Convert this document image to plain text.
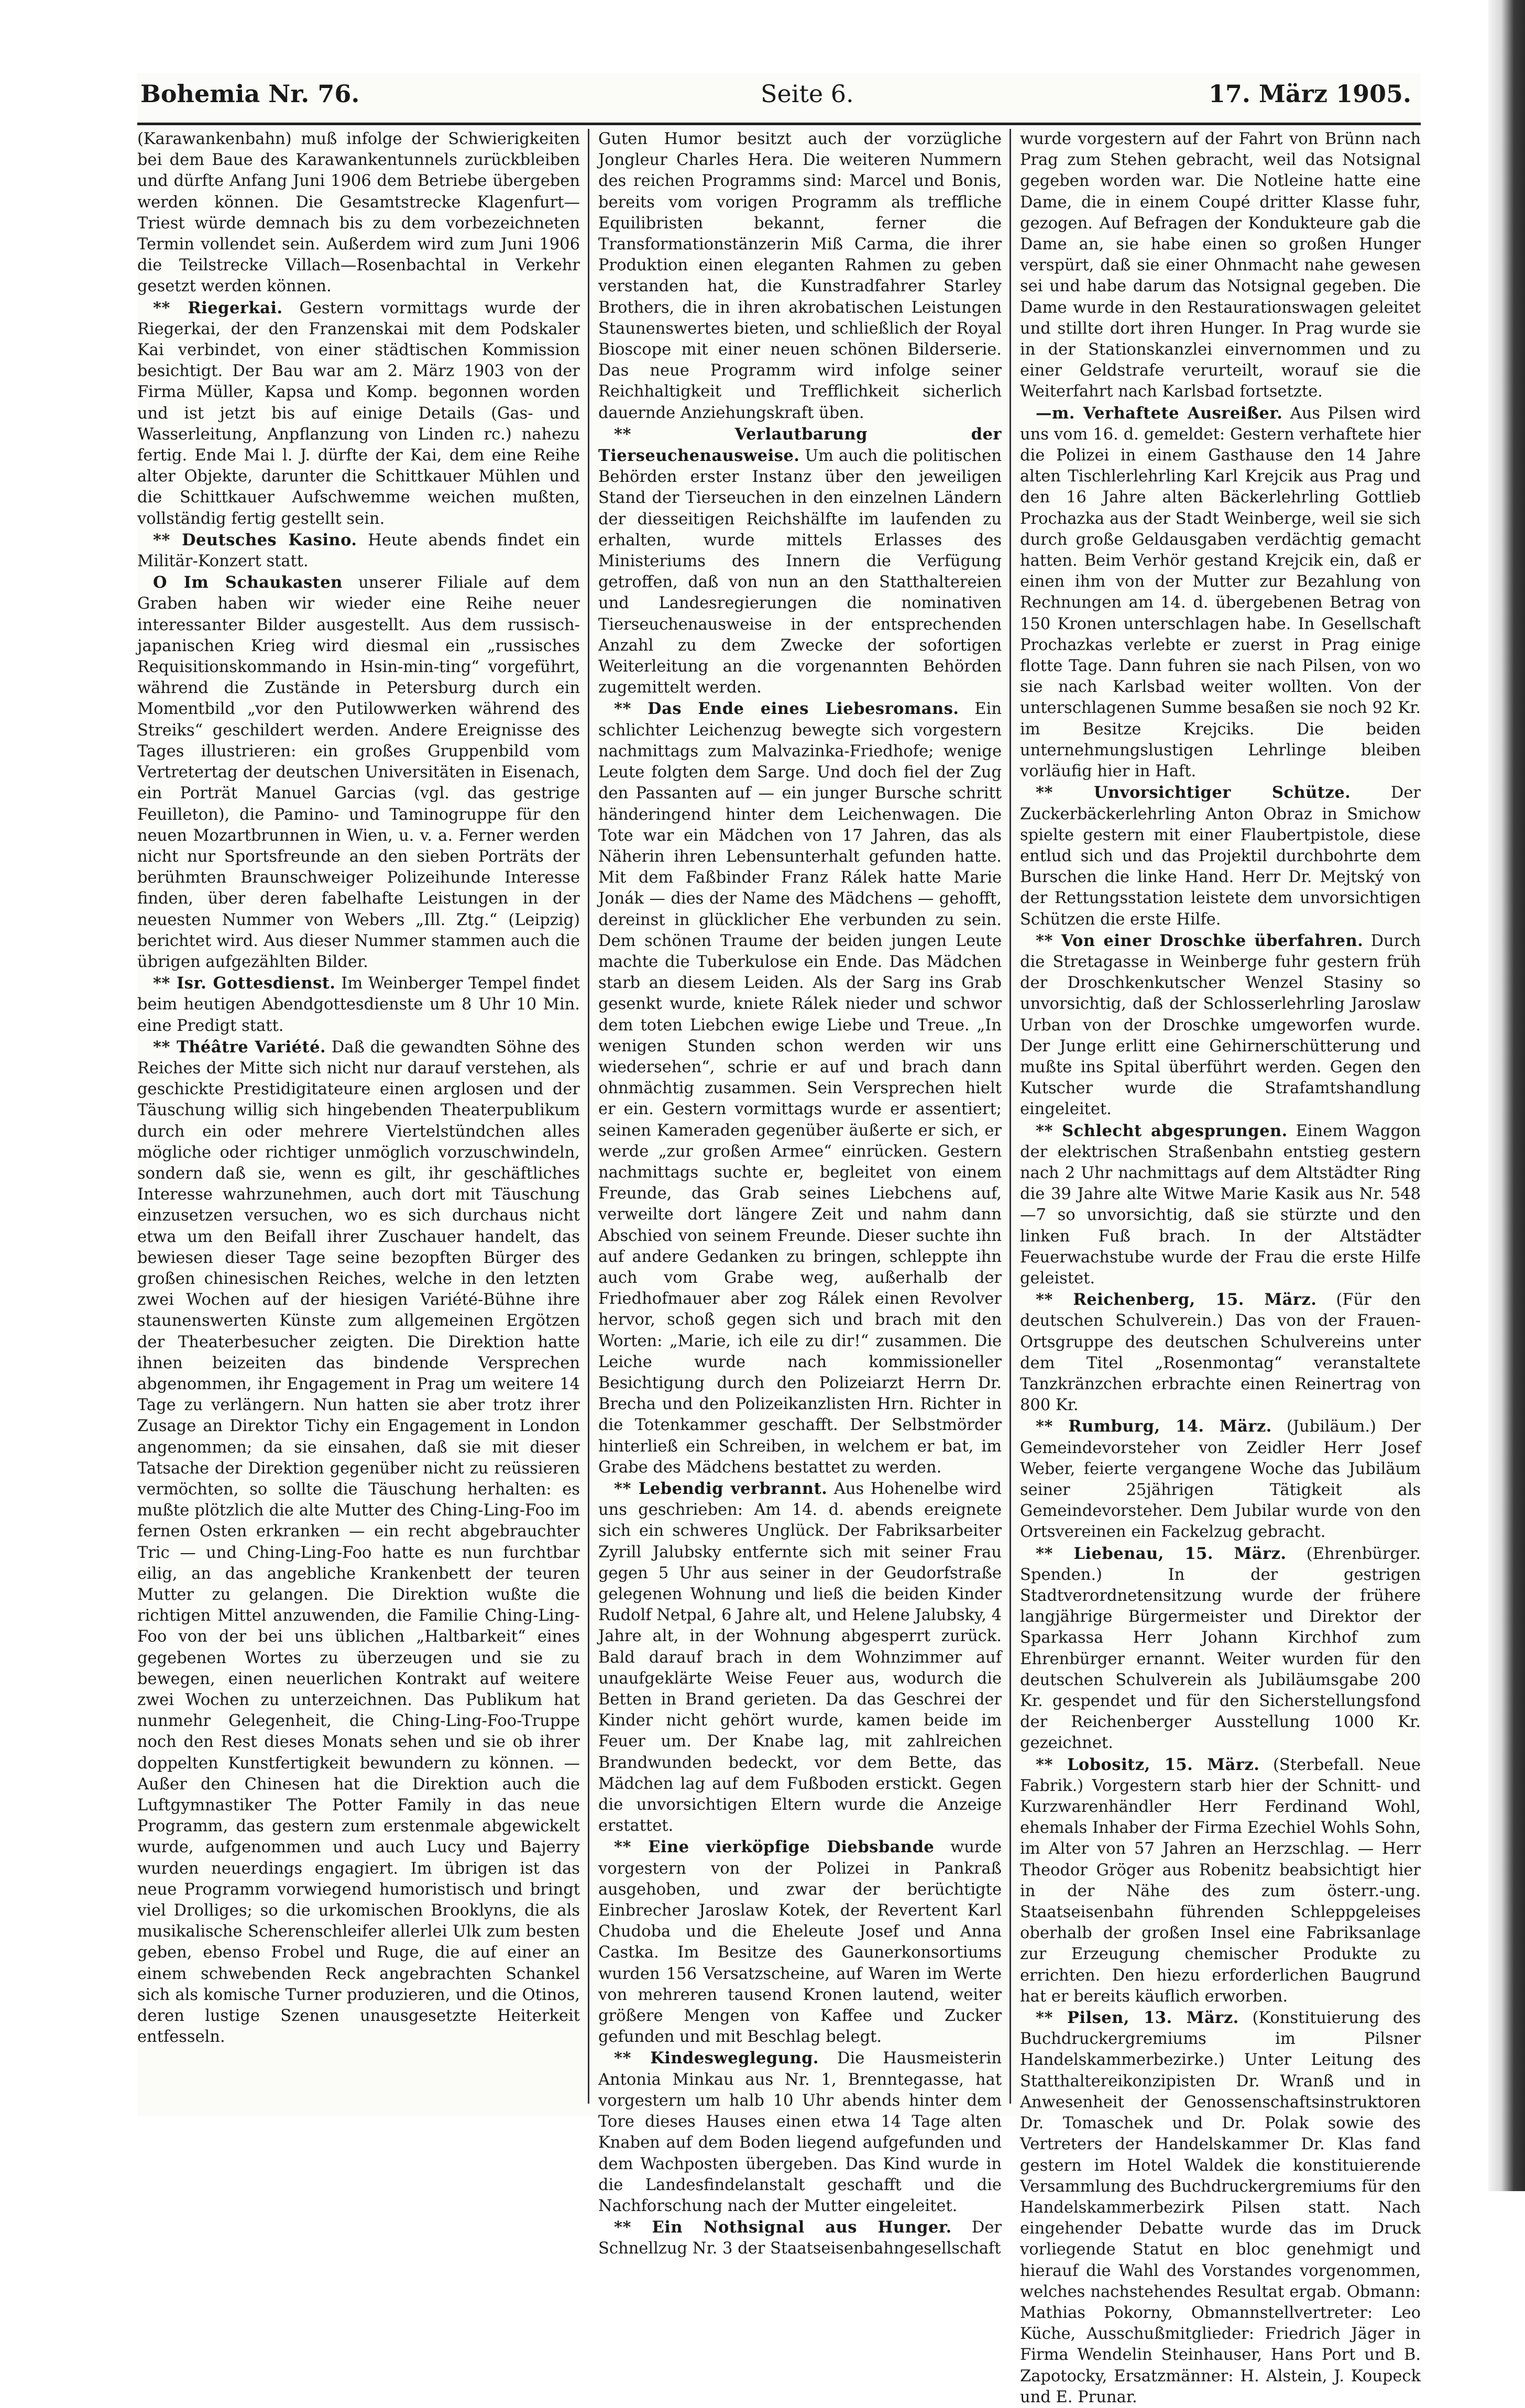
Bohemia Nr. 76.	Seite 6.	17. März 1905.

(Karawankenbahn) muß infolge der Schwierigkeiten bei dem Baue des Karawankentunnels zurückbleiben und dürfte Anfang Juni 1906 dem Betriebe übergeben werden können. Die Gesamtstrecke Klagenfurt—Triest würde demnach bis zu dem vorbezeichneten Termin vollendet sein. Außerdem wird zum Juni 1906 die Teilstrecke Villach—Rosenbachtal in Verkehr gesetzt werden können.

** Riegerkai. Gestern vormittags wurde der Riegerkai, der den Franzenskai mit dem Podskaler Kai verbindet, von einer städtischen Kommission besichtigt. Der Bau war am 2. März 1903 von der Firma Müller, Kapsa und Komp. begonnen worden und ist jetzt bis auf einige Details (Gas- und Wasserleitung, Anpflanzung von Linden rc.) nahezu fertig. Ende Mai l. J. dürfte der Kai, dem eine Reihe alter Objekte, darunter die Schittkauer Mühlen und die Schittkauer Aufschwemme weichen mußten, vollständig fertig gestellt sein.

** Deutsches Kasino. Heute abends findet ein Militär-Konzert statt.

O Im Schaukasten unserer Filiale auf dem Graben haben wir wieder eine Reihe neuer interessanter Bilder ausgestellt. Aus dem russisch-japanischen Krieg wird diesmal ein „russisches Requisitionskommando in Hsin-min-ting“ vorgeführt, während die Zustände in Petersburg durch ein Momentbild „vor den Putilowwerken während des Streiks“ geschildert werden. Andere Ereignisse des Tages illustrieren: ein großes Gruppenbild vom Vertretertag der deutschen Universitäten in Eisenach, ein Porträt Manuel Garcias (vgl. das gestrige Feuilleton), die Pamino- und Taminogruppe für den neuen Mozartbrunnen in Wien, u. v. a. Ferner werden nicht nur Sportsfreunde an den sieben Porträts der berühmten Braunschweiger Polizeihunde Interesse finden, über deren fabelhafte Leistungen in der neuesten Nummer von Webers „Ill. Ztg.“ (Leipzig) berichtet wird. Aus dieser Nummer stammen auch die übrigen aufgezählten Bilder.

** Isr. Gottesdienst. Im Weinberger Tempel findet beim heutigen Abendgottesdienste um 8 Uhr 10 Min. eine Predigt statt.

** Théâtre Variété. Daß die gewandten Söhne des Reiches der Mitte sich nicht nur darauf verstehen, als geschickte Prestidigitateure einen arglosen und der Täuschung willig sich hingebenden Theaterpublikum durch ein oder mehrere Viertelstündchen alles mögliche oder richtiger unmöglich vorzuschwindeln, sondern daß sie, wenn es gilt, ihr geschäftliches Interesse wahrzunehmen, auch dort mit Täuschung einzusetzen versuchen, wo es sich durchaus nicht etwa um den Beifall ihrer Zuschauer handelt, das bewiesen dieser Tage seine bezopften Bürger des großen chinesischen Reiches, welche in den letzten zwei Wochen auf der hiesigen Variété-Bühne ihre staunenswerten Künste zum allgemeinen Ergötzen der Theaterbesucher zeigten. Die Direktion hatte ihnen beizeiten das bindende Versprechen abgenommen, ihr Engagement in Prag um weitere 14 Tage zu verlängern. Nun hatten sie aber trotz ihrer Zusage an Direktor Tichy ein Engagement in London angenommen; da sie einsahen, daß sie mit dieser Tatsache der Direktion gegenüber nicht zu reüssieren vermöchten, so sollte die Täuschung herhalten: es mußte plötzlich die alte Mutter des Ching-Ling-Foo im fernen Osten erkranken — ein recht abgebrauchter Tric — und Ching-Ling-Foo hatte es nun furchtbar eilig, an das angebliche Krankenbett der teuren Mutter zu gelangen. Die Direktion wußte die richtigen Mittel anzuwenden, die Familie Ching-Ling-Foo von der bei uns üblichen „Haltbarkeit“ eines gegebenen Wortes zu überzeugen und sie zu bewegen, einen neuerlichen Kontrakt auf weitere zwei Wochen zu unterzeichnen. Das Publikum hat nunmehr Gelegenheit, die Ching-Ling-Foo-Truppe noch den Rest dieses Monats sehen und sie ob ihrer doppelten Kunstfertigkeit bewundern zu können. — Außer den Chinesen hat die Direktion auch die Luftgymnastiker The Potter Family in das neue Programm, das gestern zum erstenmale abgewickelt wurde, aufgenommen und auch Lucy und Bajerry wurden neuerdings engagiert. Im übrigen ist das neue Programm vorwiegend humoristisch und bringt viel Drolliges; so die urkomischen Brooklyns, die als musikalische Scherenschleifer allerlei Ulk zum besten geben, ebenso Frobel und Ruge, die auf einer an einem schwebenden Reck angebrachten Schankel sich als komische Turner produzieren, und die Otinos, deren lustige Szenen unausgesetzte Heiterkeit entfesseln.

Guten Humor besitzt auch der vorzügliche Jongleur Charles Hera. Die weiteren Nummern des reichen Programms sind: Marcel und Bonis, bereits vom vorigen Programm als treffliche Equilibristen bekannt, ferner die Transformationstänzerin Miß Carma, die ihrer Produktion einen eleganten Rahmen zu geben verstanden hat, die Kunstradfahrer Starley Brothers, die in ihren akrobatischen Leistungen Staunenswertes bieten, und schließlich der Royal Bioscope mit einer neuen schönen Bilderserie. Das neue Programm wird infolge seiner Reichhaltigkeit und Trefflichkeit sicherlich dauernde Anziehungskraft üben.

** Verlautbarung der Tierseuchenausweise. Um auch die politischen Behörden erster Instanz über den jeweiligen Stand der Tierseuchen in den einzelnen Ländern der diesseitigen Reichshälfte im laufenden zu erhalten, wurde mittels Erlasses des Ministeriums des Innern die Verfügung getroffen, daß von nun an den Statthaltereien und Landesregierungen die nominativen Tierseuchenausweise in der entsprechenden Anzahl zu dem Zwecke der sofortigen Weiterleitung an die vorgenannten Behörden zugemittelt werden.

** Das Ende eines Liebesromans. Ein schlichter Leichenzug bewegte sich vorgestern nachmittags zum Malvazinka-Friedhofe; wenige Leute folgten dem Sarge. Und doch fiel der Zug den Passanten auf — ein junger Bursche schritt händeringend hinter dem Leichenwagen. Die Tote war ein Mädchen von 17 Jahren, das als Näherin ihren Lebensunterhalt gefunden hatte. Mit dem Faßbinder Franz Rálek hatte Marie Jonák — dies der Name des Mädchens — gehofft, dereinst in glücklicher Ehe verbunden zu sein. Dem schönen Traume der beiden jungen Leute machte die Tuberkulose ein Ende. Das Mädchen starb an diesem Leiden. Als der Sarg ins Grab gesenkt wurde, kniete Rálek nieder und schwor dem toten Liebchen ewige Liebe und Treue. „In wenigen Stunden schon werden wir uns wiedersehen“, schrie er auf und brach dann ohnmächtig zusammen. Sein Versprechen hielt er ein. Gestern vormittags wurde er assentiert; seinen Kameraden gegenüber äußerte er sich, er werde „zur großen Armee“ einrücken. Gestern nachmittags suchte er, begleitet von einem Freunde, das Grab seines Liebchens auf, verweilte dort längere Zeit und nahm dann Abschied von seinem Freunde. Dieser suchte ihn auf andere Gedanken zu bringen, schleppte ihn auch vom Grabe weg, außerhalb der Friedhofmauer aber zog Rálek einen Revolver hervor, schoß gegen sich und brach mit den Worten: „Marie, ich eile zu dir!“ zusammen. Die Leiche wurde nach kommissioneller Besichtigung durch den Polizeiarzt Herrn Dr. Brecha und den Polizeikanzlisten Hrn. Richter in die Totenkammer geschafft. Der Selbstmörder hinterließ ein Schreiben, in welchem er bat, im Grabe des Mädchens bestattet zu werden.

** Lebendig verbrannt. Aus Hohenelbe wird uns geschrieben: Am 14. d. abends ereignete sich ein schweres Unglück. Der Fabriksarbeiter Zyrill Jalubsky entfernte sich mit seiner Frau gegen 5 Uhr aus seiner in der Geudorfstraße gelegenen Wohnung und ließ die beiden Kinder Rudolf Netpal, 6 Jahre alt, und Helene Jalubsky, 4 Jahre alt, in der Wohnung abgesperrt zurück. Bald darauf brach in dem Wohnzimmer auf unaufgeklärte Weise Feuer aus, wodurch die Betten in Brand gerieten. Da das Geschrei der Kinder nicht gehört wurde, kamen beide im Feuer um. Der Knabe lag, mit zahlreichen Brandwunden bedeckt, vor dem Bette, das Mädchen lag auf dem Fußboden erstickt. Gegen die unvorsichtigen Eltern wurde die Anzeige erstattet.

** Eine vierköpfige Diebsbande wurde vorgestern von der Polizei in Pankraß ausgehoben, und zwar der berüchtigte Einbrecher Jaroslaw Kotek, der Revertent Karl Chudoba und die Eheleute Josef und Anna Castka. Im Besitze des Gaunerkonsortiums wurden 156 Versatzscheine, auf Waren im Werte von mehreren tausend Kronen lautend, weiter größere Mengen von Kaffee und Zucker gefunden und mit Beschlag belegt.

** Kindesweglegung. Die Hausmeisterin Antonia Minkau aus Nr. 1, Brenntegasse, hat vorgestern um halb 10 Uhr abends hinter dem Tore dieses Hauses einen etwa 14 Tage alten Knaben auf dem Boden liegend aufgefunden und dem Wachposten übergeben. Das Kind wurde in die Landesfindelanstalt geschafft und die Nachforschung nach der Mutter eingeleitet.

** Ein Nothsignal aus Hunger. Der Schnellzug Nr. 3 der Staatseisenbahngesellschaft

wurde vorgestern auf der Fahrt von Brünn nach Prag zum Stehen gebracht, weil das Notsignal gegeben worden war. Die Notleine hatte eine Dame, die in einem Coupé dritter Klasse fuhr, gezogen. Auf Befragen der Kondukteure gab die Dame an, sie habe einen so großen Hunger verspürt, daß sie einer Ohnmacht nahe gewesen sei und habe darum das Notsignal gegeben. Die Dame wurde in den Restaurationswagen geleitet und stillte dort ihren Hunger. In Prag wurde sie in der Stationskanzlei einvernommen und zu einer Geldstrafe verurteilt, worauf sie die Weiterfahrt nach Karlsbad fortsetzte.

—m. Verhaftete Ausreißer. Aus Pilsen wird uns vom 16. d. gemeldet: Gestern verhaftete hier die Polizei in einem Gasthause den 14 Jahre alten Tischlerlehrling Karl Krejcik aus Prag und den 16 Jahre alten Bäckerlehrling Gottlieb Prochazka aus der Stadt Weinberge, weil sie sich durch große Geldausgaben verdächtig gemacht hatten. Beim Verhör gestand Krejcik ein, daß er einen ihm von der Mutter zur Bezahlung von Rechnungen am 14. d. übergebenen Betrag von 150 Kronen unterschlagen habe. In Gesellschaft Prochazkas verlebte er zuerst in Prag einige flotte Tage. Dann fuhren sie nach Pilsen, von wo sie nach Karlsbad weiter wollten. Von der unterschlagenen Summe besaßen sie noch 92 Kr. im Besitze Krejciks. Die beiden unternehmungslustigen Lehrlinge bleiben vorläufig hier in Haft.

** Unvorsichtiger Schütze.	Der Zuckerbäckerlehrling Anton Obraz in Smichow spielte gestern mit einer Flaubertpistole, diese entlud sich und das Projektil durchbohrte dem Burschen die linke Hand. Herr Dr. Mejtský von der Rettungsstation leistete dem unvorsichtigen Schützen die erste Hilfe.

** Von einer Droschke überfahren. Durch die Stretagasse in Weinberge fuhr gestern früh der Droschkenkutscher Wenzel Stasiny so unvorsichtig, daß der Schlosserlehrling Jaroslaw Urban von der Droschke umgeworfen wurde. Der Junge erlitt eine Gehirnerschütterung und mußte ins Spital überführt werden. Gegen den Kutscher wurde die Strafamtshandlung eingeleitet.

** Schlecht abgesprungen. Einem Waggon der elektrischen Straßenbahn entstieg gestern nach 2 Uhr nachmittags auf dem Altstädter Ring die 39 Jahre alte Witwe Marie Kasik aus Nr. 548—7 so unvorsichtig, daß sie stürzte und den linken Fuß brach. In der Altstädter Feuerwachstube wurde der Frau die erste Hilfe geleistet.

** Reichenberg, 15. März. (Für den deutschen Schulverein.) Das von der Frauen-Ortsgruppe des deutschen Schulvereins unter dem Titel „Rosenmontag“ veranstaltete Tanzkränzchen erbrachte einen Reinertrag von 800 Kr.

** Rumburg, 14. März. (Jubiläum.) Der Gemeindevorsteher von Zeidler Herr Josef Weber, feierte vergangene Woche das Jubiläum seiner 25jährigen Tätigkeit als Gemeindevorsteher. Dem Jubilar wurde von den Ortsvereinen ein Fackelzug gebracht.

** Liebenau, 15. März. (Ehrenbürger. Spenden.) In der gestrigen Stadtverordnetensitzung wurde der frühere langjährige Bürgermeister und Direktor der Sparkassa Herr Johann Kirchhof zum Ehrenbürger ernannt. Weiter wurden für den deutschen Schulverein als Jubiläumsgabe 200 Kr. gespendet und für den Sicherstellungsfond der Reichenberger Ausstellung 1000 Kr. gezeichnet.

** Lobositz, 15. März. (Sterbefall. Neue Fabrik.) Vorgestern starb hier der Schnitt- und Kurzwarenhändler Herr Ferdinand Wohl, ehemals Inhaber der Firma Ezechiel Wohls Sohn, im Alter von 57 Jahren an Herzschlag. — Herr Theodor Gröger aus Robenitz beabsichtigt hier in der Nähe des zum österr.-ung. Staatseisenbahn führenden Schleppgeleises oberhalb der großen Insel eine Fabriksanlage zur Erzeugung chemischer Produkte zu errichten. Den hiezu erforderlichen Baugrund hat er bereits käuflich erworben.

** Pilsen, 13. März. (Konstituierung des Buchdruckergremiums im Pilsner Handelskammerbezirke.) Unter Leitung des Statthaltereikonzipisten Dr. Wranß und in Anwesenheit der Genossenschaftsinstruktoren Dr. Tomaschek und Dr. Polak sowie des Vertreters der Handelskammer Dr. Klas fand gestern im Hotel Waldek die konstituierende Versammlung des Buchdruckergremiums für den Handelskammerbezirk Pilsen statt. Nach eingehender Debatte wurde das im Druck vorliegende Statut en bloc genehmigt und hierauf die Wahl des Vorstandes vorgenommen, welches nachstehendes Resultat ergab. Obmann: Mathias Pokorny, Obmannstellvertreter: Leo Küche, Ausschußmitglieder: Friedrich Jäger in Firma Wendelin Steinhauser, Hans Port und B. Zapotocky, Ersatzmänner: H. Alstein, J. Koupeck und E. Prunar.
